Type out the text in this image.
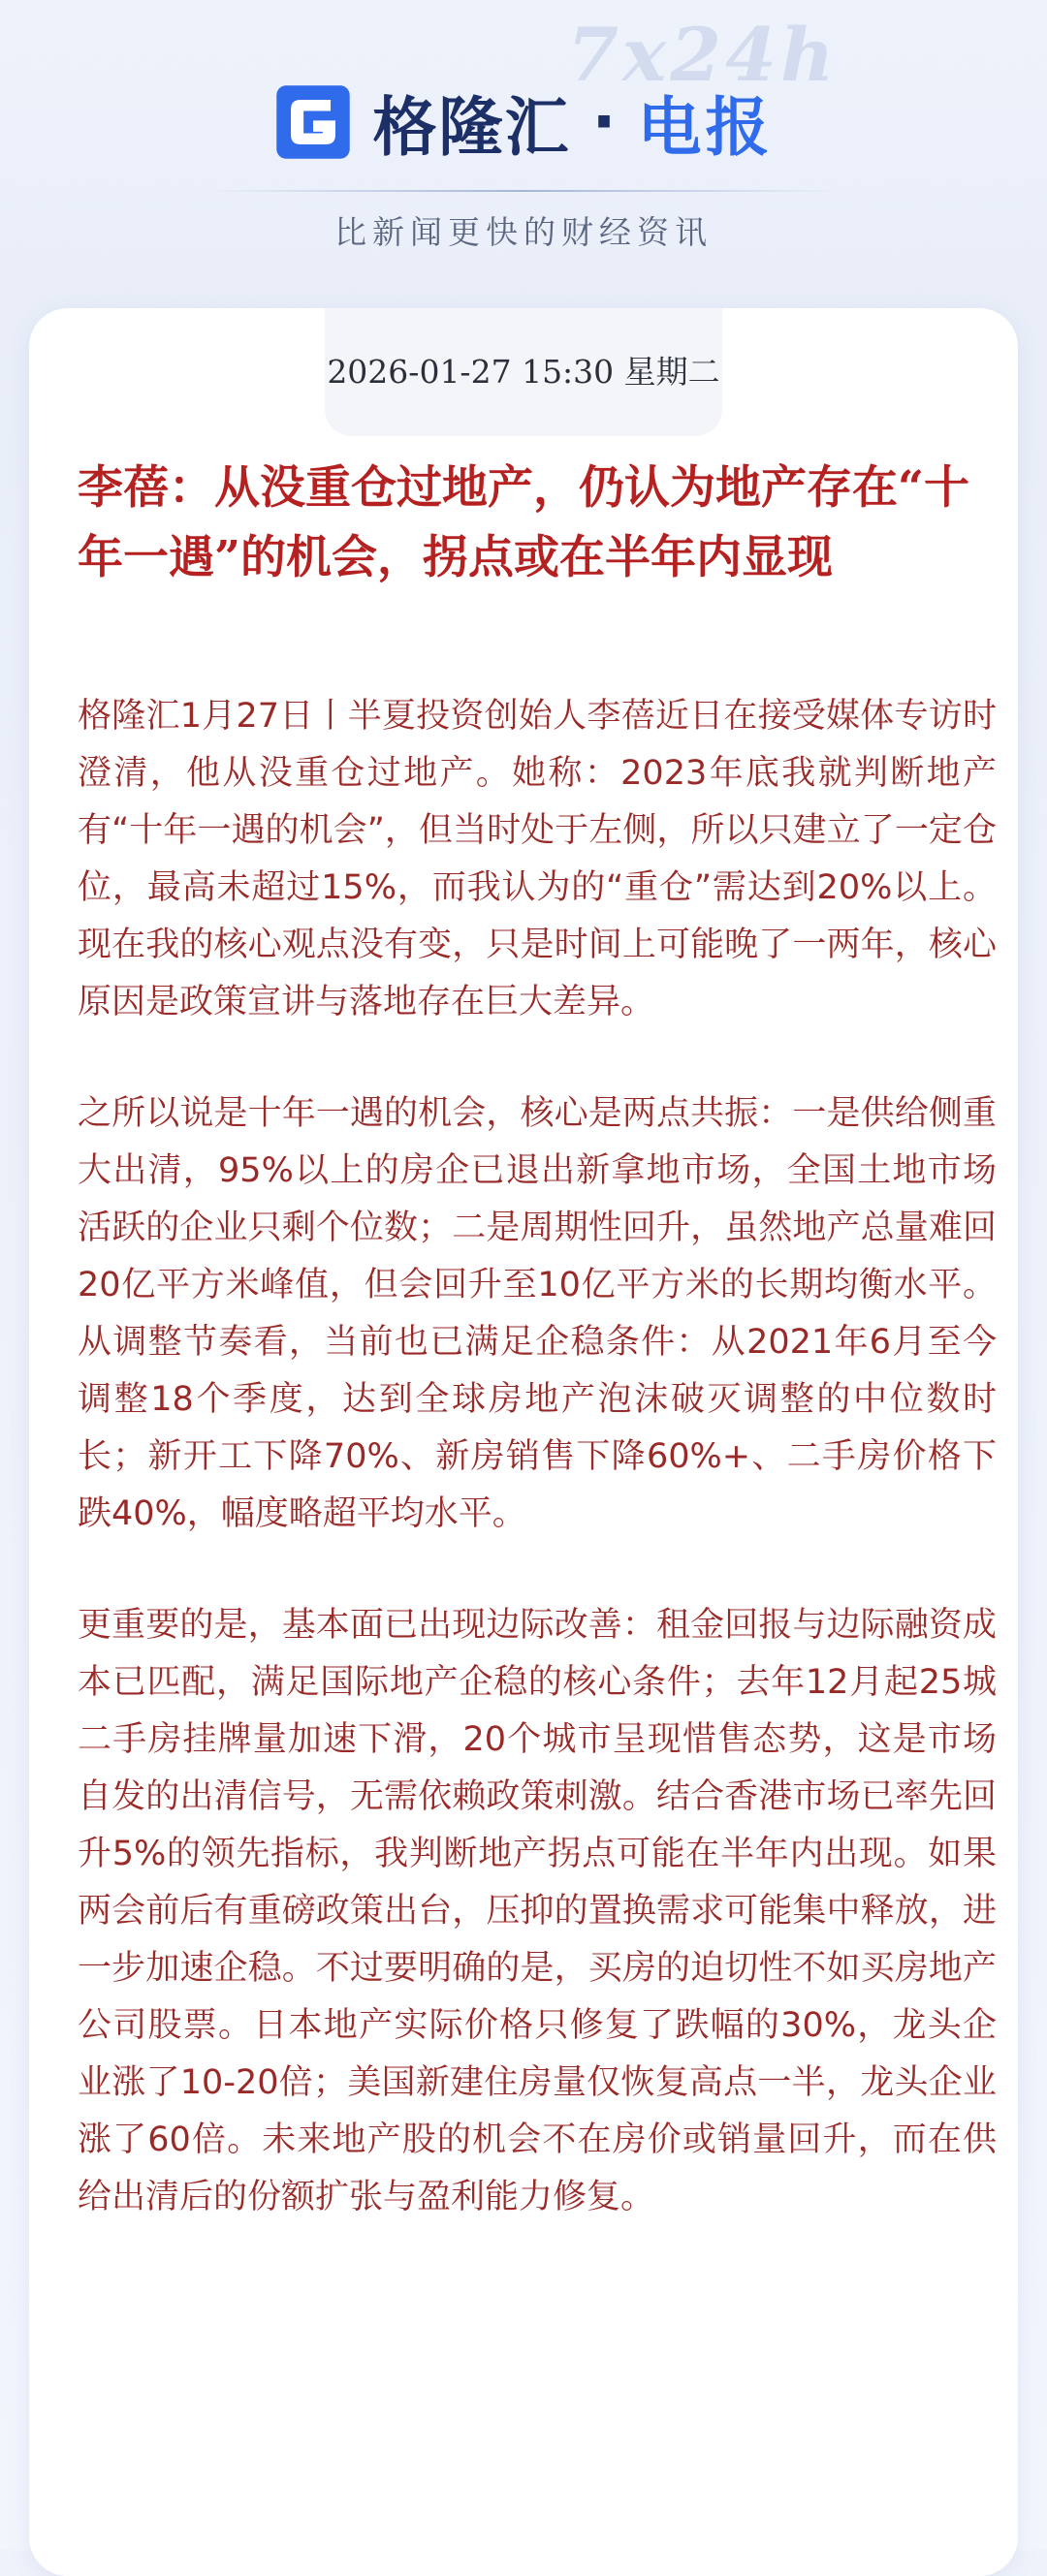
7x24h
格隆汇 · 电报
比新闻更快的财经资讯
2026-01-27 15:30 星期二
李蓓：从没重仓过地产，仍认为地产存在“十年一遇”的机会，拐点或在半年内显现

格隆汇1月27日丨半夏投资创始人李蓓近日在接受媒体专访时澄清，他从没重仓过地产。她称：2023年底我就判断地产有“十年一遇的机会”，但当时处于左侧，所以只建立了一定仓位，最高未超过15%，而我认为的“重仓”需达到20%以上。现在我的核心观点没有变，只是时间上可能晚了一两年，核心原因是政策宣讲与落地存在巨大差异。

之所以说是十年一遇的机会，核心是两点共振：一是供给侧重大出清，95%以上的房企已退出新拿地市场，全国土地市场活跃的企业只剩个位数；二是周期性回升，虽然地产总量难回20亿平方米峰值，但会回升至10亿平方米的长期均衡水平。从调整节奏看，当前也已满足企稳条件：从2021年6月至今调整18个季度，达到全球房地产泡沫破灭调整的中位数时长；新开工下降70%、新房销售下降60%+、二手房价格下跌40%，幅度略超平均水平。

更重要的是，基本面已出现边际改善：租金回报与边际融资成本已匹配，满足国际地产企稳的核心条件；去年12月起25城二手房挂牌量加速下滑，20个城市呈现惜售态势，这是市场自发的出清信号，无需依赖政策刺激。结合香港市场已率先回升5%的领先指标，我判断地产拐点可能在半年内出现。如果两会前后有重磅政策出台，压抑的置换需求可能集中释放，进一步加速企稳。不过要明确的是，买房的迫切性不如买房地产公司股票。日本地产实际价格只修复了跌幅的30%，龙头企业涨了10-20倍；美国新建住房量仅恢复高点一半，龙头企业涨了60倍。未来地产股的机会不在房价或销量回升，而在供给出清后的份额扩张与盈利能力修复。
